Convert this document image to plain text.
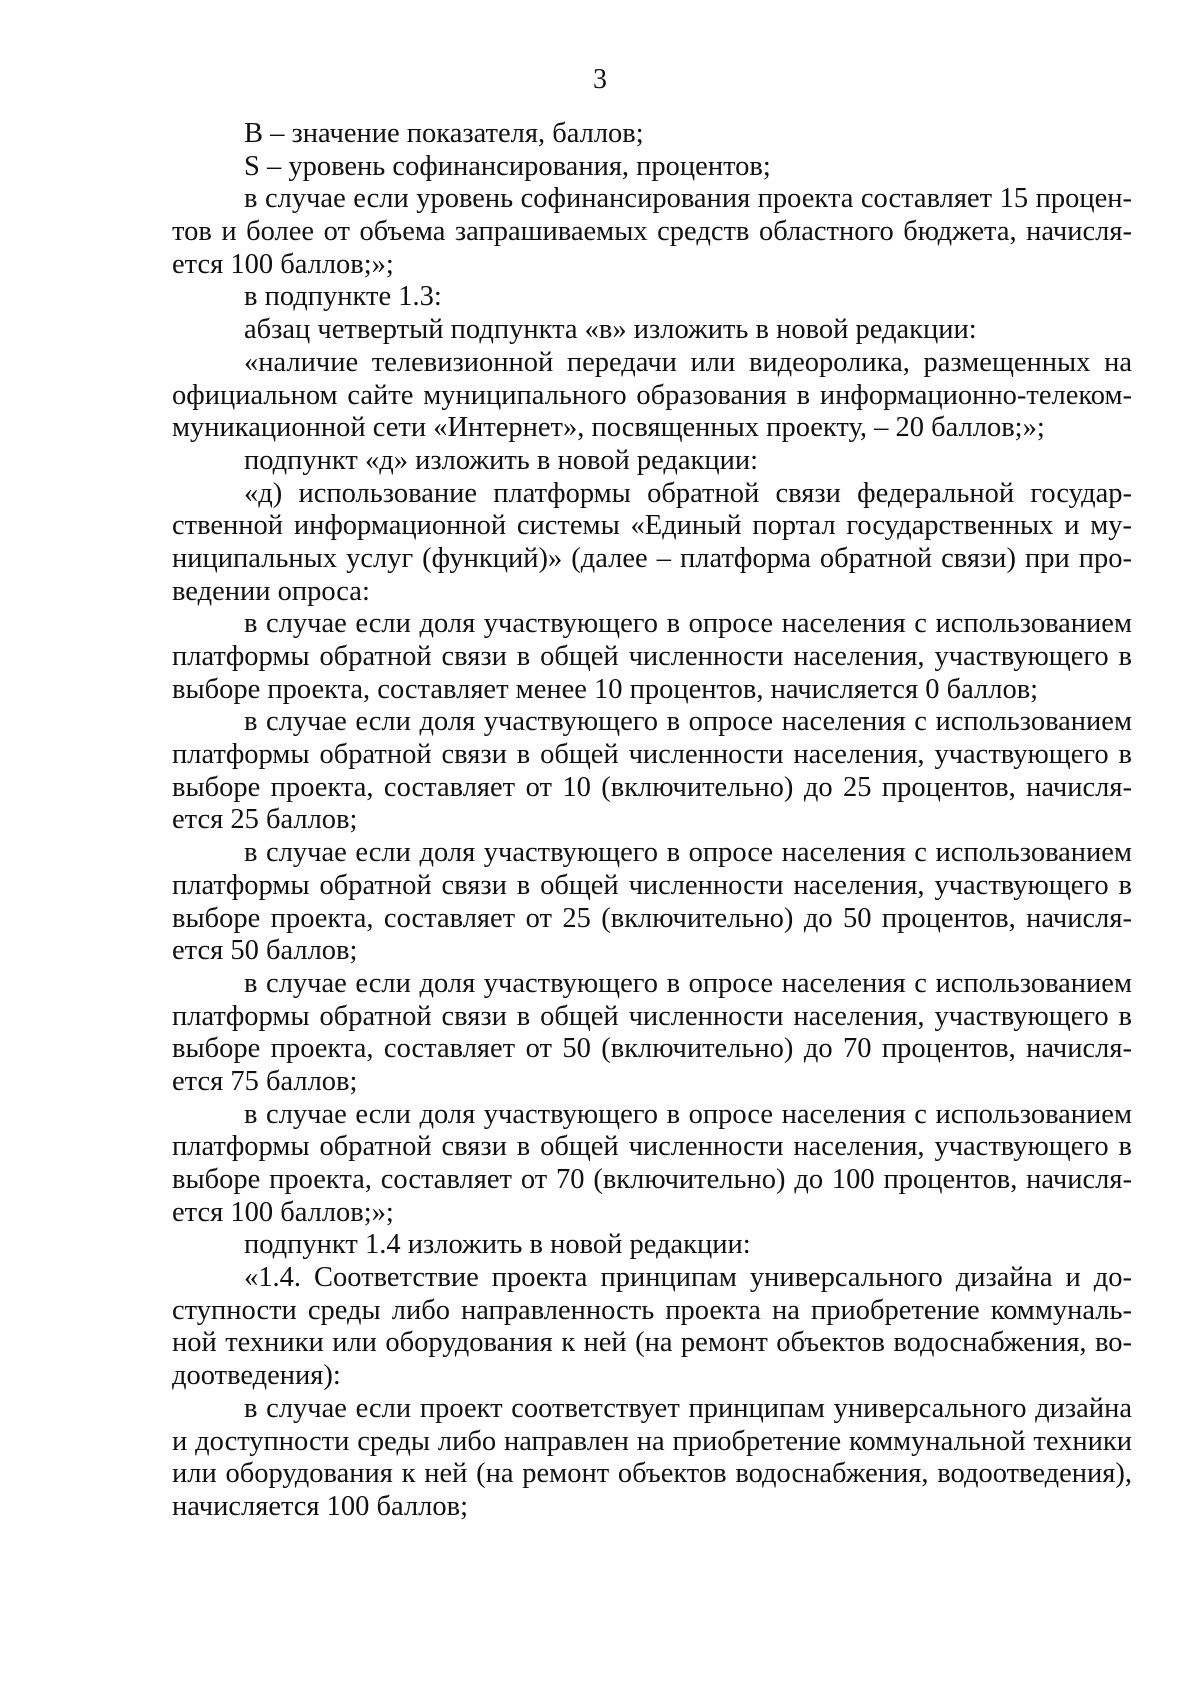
3
B – значение показателя, баллов;
S – уровень софинансирования, процентов;
в случае если уровень софинансирования проекта составляет 15 процен-
тов и более от объема запрашиваемых средств областного бюджета, начисля-
ется 100 баллов;»;
в подпункте 1.3:
абзац четвертый подпункта «в» изложить в новой редакции:
«наличие телевизионной передачи или видеоролика, размещенных на
официальном сайте муниципального образования в информационно-телеком-
муникационной сети «Интернет», посвященных проекту, – 20 баллов;»;
подпункт «д» изложить в новой редакции:
«д) использование платформы обратной связи федеральной государ-
ственной информационной системы «Единый портал государственных и му-
ниципальных услуг (функций)» (далее – платформа обратной связи) при про-
ведении опроса:
в случае если доля участвующего в опросе населения с использованием
платформы обратной связи в общей численности населения, участвующего в
выборе проекта, составляет менее 10 процентов, начисляется 0 баллов;
в случае если доля участвующего в опросе населения с использованием
платформы обратной связи в общей численности населения, участвующего в
выборе проекта, составляет от 10 (включительно) до 25 процентов, начисля-
ется 25 баллов;
в случае если доля участвующего в опросе населения с использованием
платформы обратной связи в общей численности населения, участвующего в
выборе проекта, составляет от 25 (включительно) до 50 процентов, начисля-
ется 50 баллов;
в случае если доля участвующего в опросе населения с использованием
платформы обратной связи в общей численности населения, участвующего в
выборе проекта, составляет от 50 (включительно) до 70 процентов, начисля-
ется 75 баллов;
в случае если доля участвующего в опросе населения с использованием
платформы обратной связи в общей численности населения, участвующего в
выборе проекта, составляет от 70 (включительно) до 100 процентов, начисля-
ется 100 баллов;»;
подпункт 1.4 изложить в новой редакции:
«1.4. Соответствие проекта принципам универсального дизайна и до-
ступности среды либо направленность проекта на приобретение коммуналь-
ной техники или оборудования к ней (на ремонт объектов водоснабжения, во-
доотведения):
в случае если проект соответствует принципам универсального дизайна
и доступности среды либо направлен на приобретение коммунальной техники
или оборудования к ней (на ремонт объектов водоснабжения, водоотведения),
начисляется 100 баллов;
